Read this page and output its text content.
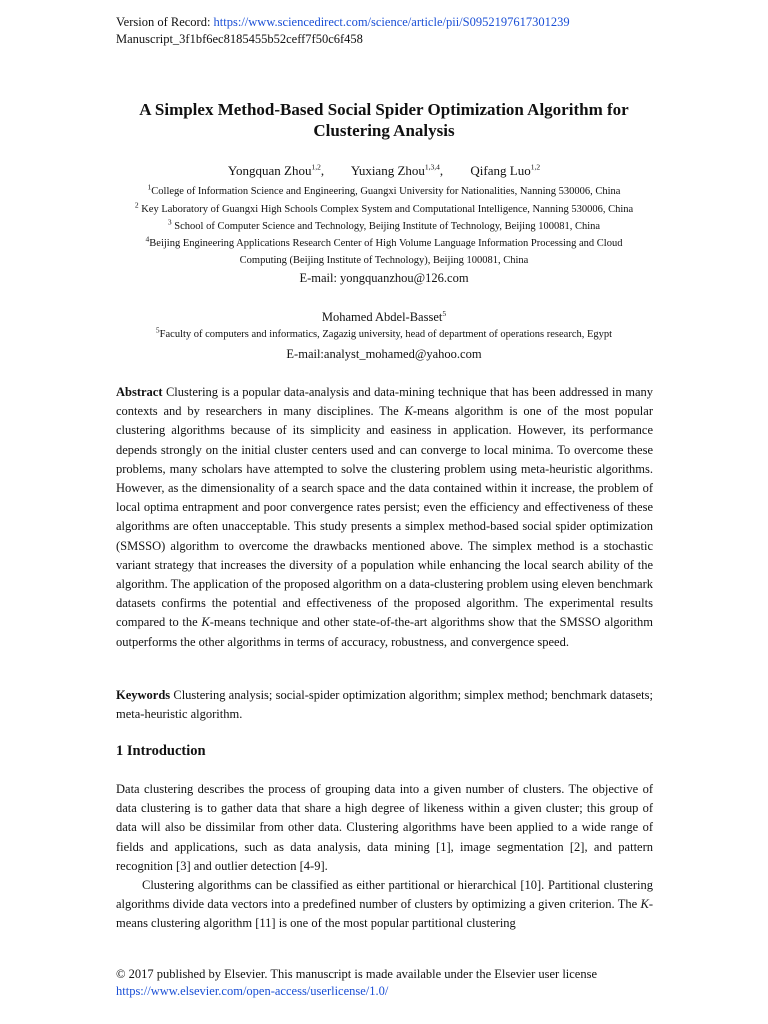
Version of Record: https://www.sciencedirect.com/science/article/pii/S0952197617301239
Manuscript_3f1bf6ec8185455b52ceff7f50c6f458
A Simplex Method-Based Social Spider Optimization Algorithm for Clustering Analysis
Yongquan Zhou$^{1,2}$, Yuxiang Zhou$^{1,3,4}$, Qifang Luo$^{1,2}$
$^1$College of Information Science and Engineering, Guangxi University for Nationalities, Nanning 530006, China
$^2$ Key Laboratory of Guangxi High Schools Complex System and Computational Intelligence, Nanning 530006, China
$^3$ School of Computer Science and Technology, Beijing Institute of Technology, Beijing 100081, China
$^4$Beijing Engineering Applications Research Center of High Volume Language Information Processing and Cloud
Computing (Beijing Institute of Technology), Beijing 100081, China
E-mail: yongquanzhou@126.com
Mohamed Abdel-Basset$^5$
$^5$Faculty of computers and informatics, Zagazig university, head of department of operations research, Egypt
E-mail:analyst_mohamed@yahoo.com

Abstract Clustering is a popular data-analysis and data-mining technique that has been addressed in many contexts and by researchers in many disciplines. The K-means algorithm is one of the most popular clustering algorithms because of its simplicity and easiness in application. However, its performance depends strongly on the initial cluster centers used and can converge to local minima. To overcome these problems, many scholars have attempted to solve the clustering problem using meta-heuristic algorithms. However, as the dimensionality of a search space and the data contained within it increase, the problem of local optima entrapment and poor convergence rates persist; even the efficiency and effectiveness of these algorithms are often unacceptable. This study presents a simplex method-based social spider optimization (SMSSO) algorithm to overcome the drawbacks mentioned above. The simplex method is a stochastic variant strategy that increases the diversity of a population while enhancing the local search ability of the algorithm. The application of the proposed algorithm on a data-clustering problem using eleven benchmark datasets confirms the potential and effectiveness of the proposed algorithm. The experimental results compared to the K-means technique and other state-of-the-art algorithms show that the SMSSO algorithm outperforms the other algorithms in terms of accuracy, robustness, and convergence speed.

Keywords Clustering analysis; social-spider optimization algorithm; simplex method; benchmark datasets; meta-heuristic algorithm.

1 Introduction

Data clustering describes the process of grouping data into a given number of clusters. The objective of data clustering is to gather data that share a high degree of likeness within a given cluster; this group of data will also be dissimilar from other data. Clustering algorithms have been applied to a wide range of fields and applications, such as data analysis, data mining [1], image segmentation [2], and pattern recognition [3] and outlier detection [4-9].

Clustering algorithms can be classified as either partitional or hierarchical [10]. Partitional clustering algorithms divide data vectors into a predefined number of clusters by optimizing a given criterion. The K-means clustering algorithm [11] is one of the most popular partitional clustering

© 2017 published by Elsevier. This manuscript is made available under the Elsevier user license
https://www.elsevier.com/open-access/userlicense/1.0/
